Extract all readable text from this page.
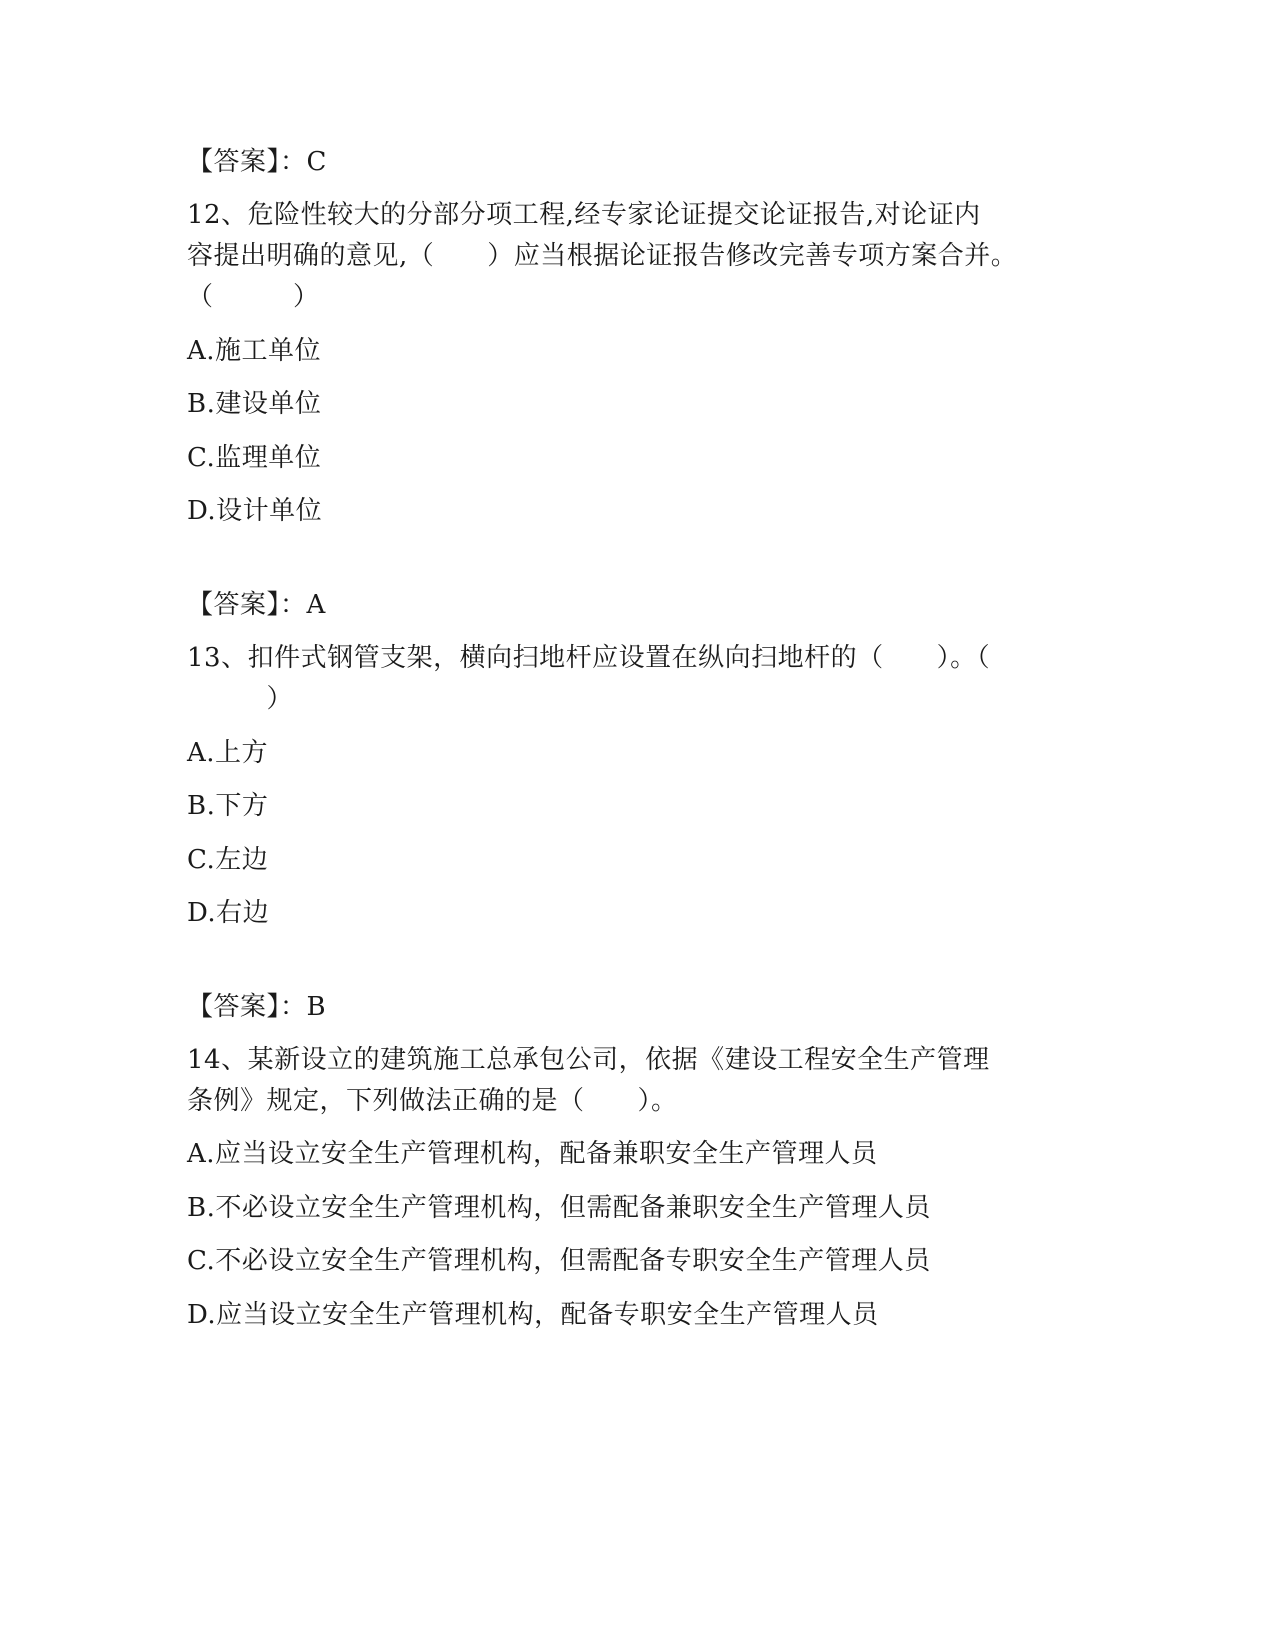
【答案】：C
12、危险性较大的分部分项工程,经专家论证提交论证报告,对论证内
容提出明确的意见,（　　）应当根据论证报告修改完善专项方案合并。
（　　　）
A.施工单位
B.建设单位
C.监理单位
D.设计单位
【答案】：A
13、扣件式钢管支架，横向扫地杆应设置在纵向扫地杆的（　　）。（
　　　）
A.上方
B.下方
C.左边
D.右边
【答案】：B
14、某新设立的建筑施工总承包公司，依据《建设工程安全生产管理
条例》规定，下列做法正确的是（　　）。
A.应当设立安全生产管理机构，配备兼职安全生产管理人员
B.不必设立安全生产管理机构，但需配备兼职安全生产管理人员
C.不必设立安全生产管理机构，但需配备专职安全生产管理人员
D.应当设立安全生产管理机构，配备专职安全生产管理人员
